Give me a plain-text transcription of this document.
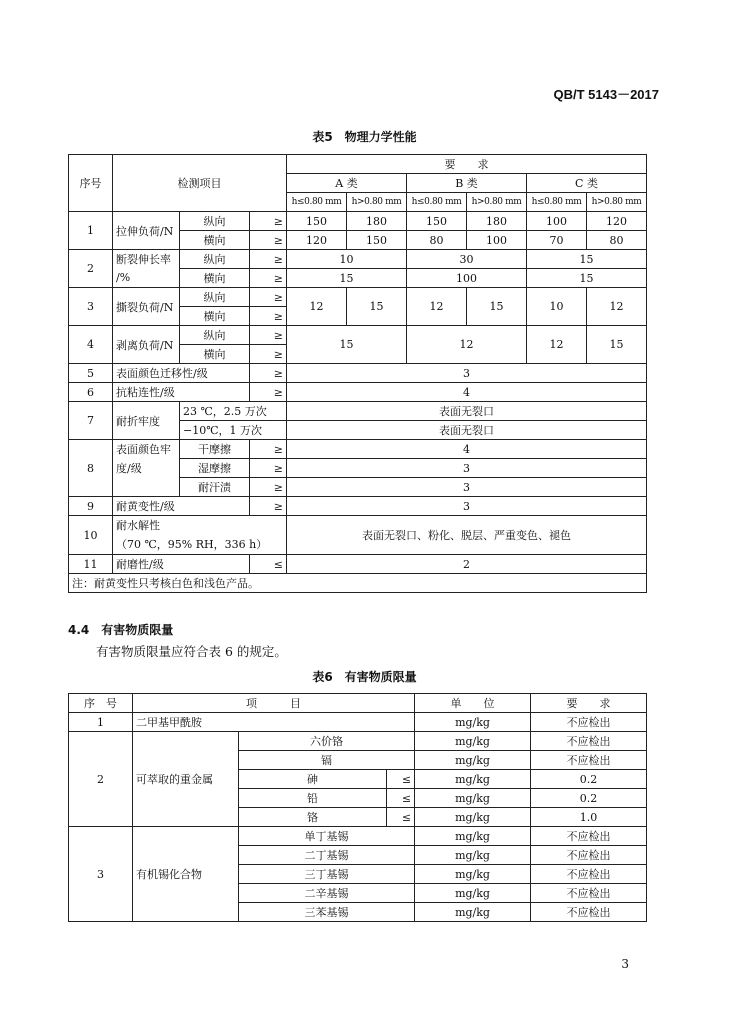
QB/T 5143－2017
表5　物理力学性能
序号	检测项目			要　　求					
				A 类		B 类		C 类	
				h≤0.80 mm	h>0.80 mm	h≤0.80 mm	h>0.80 mm	h≤0.80 mm	h>0.80 mm
1	拉伸负荷/N	纵向	≥	150	180	150	180	100	120
		横向	≥	120	150	80	100	70	80
2	断裂伸长率	纵向	≥	10		30		15	
	/%	横向	≥	15		100		15	
3	撕裂负荷/N	纵向	≥	12	15	12	15	10	12
		横向	≥						
4	剥离负荷/N	纵向	≥	15		12		12	15
		横向	≥						
5	表面颜色迁移性/级		≥	3					
6	抗粘连性/级		≥	4					
7	耐折牢度	23 ℃，2.5 万次		表面无裂口					
		−10℃，1 万次		表面无裂口					
8	表面颜色牢	干摩擦	≥	4					
	度/级	湿摩擦	≥	3					
		耐汗渍	≥	3					
9	耐黄变性/级		≥	3					
10	耐水解性
（70 ℃，95% RH，336 h）			表面无裂口、粉化、脱层、严重变色、褪色					
11	耐磨性/级		≤	2					
注：耐黄变性只考核白色和浅色产品。									
4.4　有害物质限量
有害物质限量应符合表 6 的规定。
表6　有害物质限量
序　号	项　　　目			单　　位	要　　求
1	二甲基甲酰胺			mg/kg	不应检出
2	可萃取的重金属	六价铬		mg/kg	不应检出
		镉		mg/kg	不应检出
		砷	≤	mg/kg	0.2
		铅	≤	mg/kg	0.2
		铬	≤	mg/kg	1.0
3	有机锡化合物	单丁基锡		mg/kg	不应检出
		二丁基锡		mg/kg	不应检出
		三丁基锡		mg/kg	不应检出
		二辛基锡		mg/kg	不应检出
		三苯基锡		mg/kg	不应检出
3
